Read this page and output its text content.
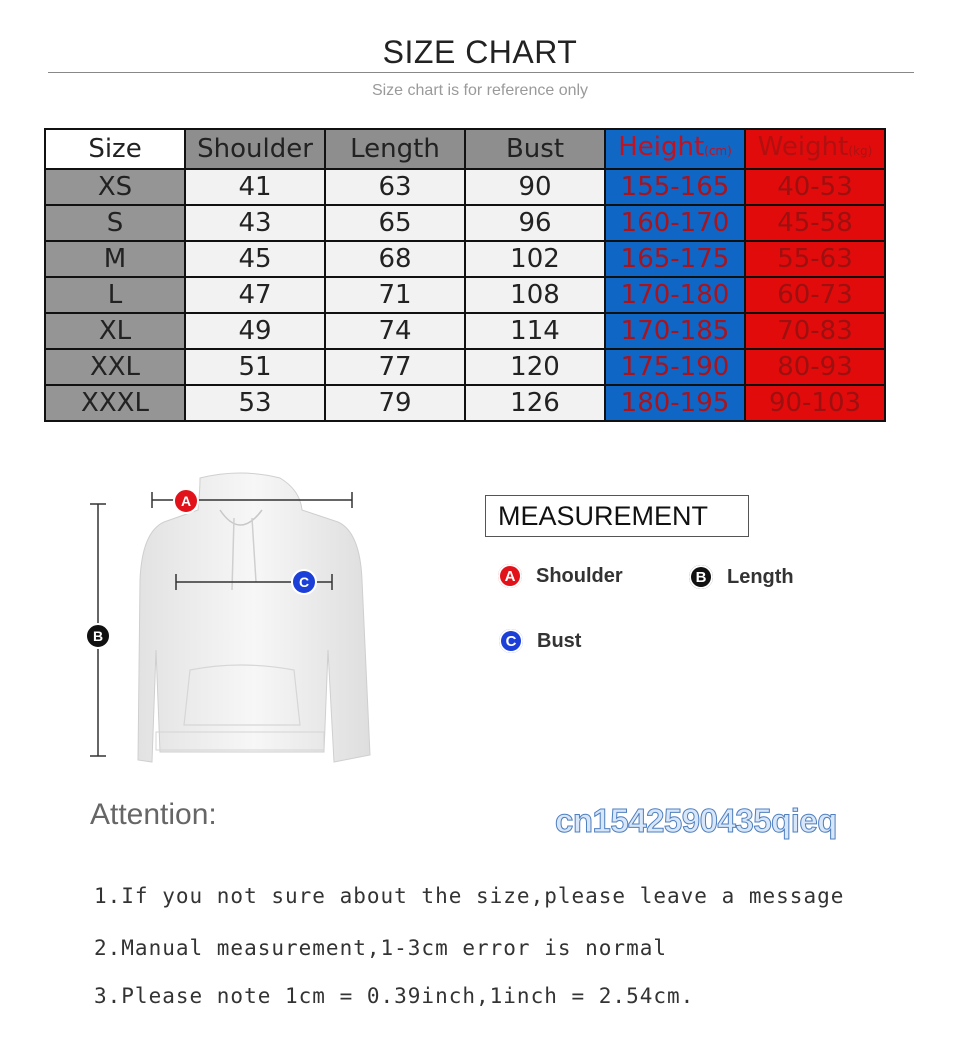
SIZE CHART
Size chart is for reference only
Size	Shoulder	Length	Bust	Height(cm)	Weight(kg)
XS	41	63	90	155-165	40-53
S	43	65	96	160-170	45-58
M	45	68	102	165-175	55-63
L	47	71	108	170-180	60-73
XL	49	74	114	170-185	70-83
XXL	51	77	120	175-190	80-93
XXXL	53	79	126	180-195	90-103
A
B
C
MEASUREMENT
A	Shoulder	B	Length
C	Bust
Attention:	cn1542590435qieq
1.If you not sure about the size,please leave a message
2.Manual measurement,1-3cm error is normal
3.Please note 1cm = 0.39inch,1inch = 2.54cm.
